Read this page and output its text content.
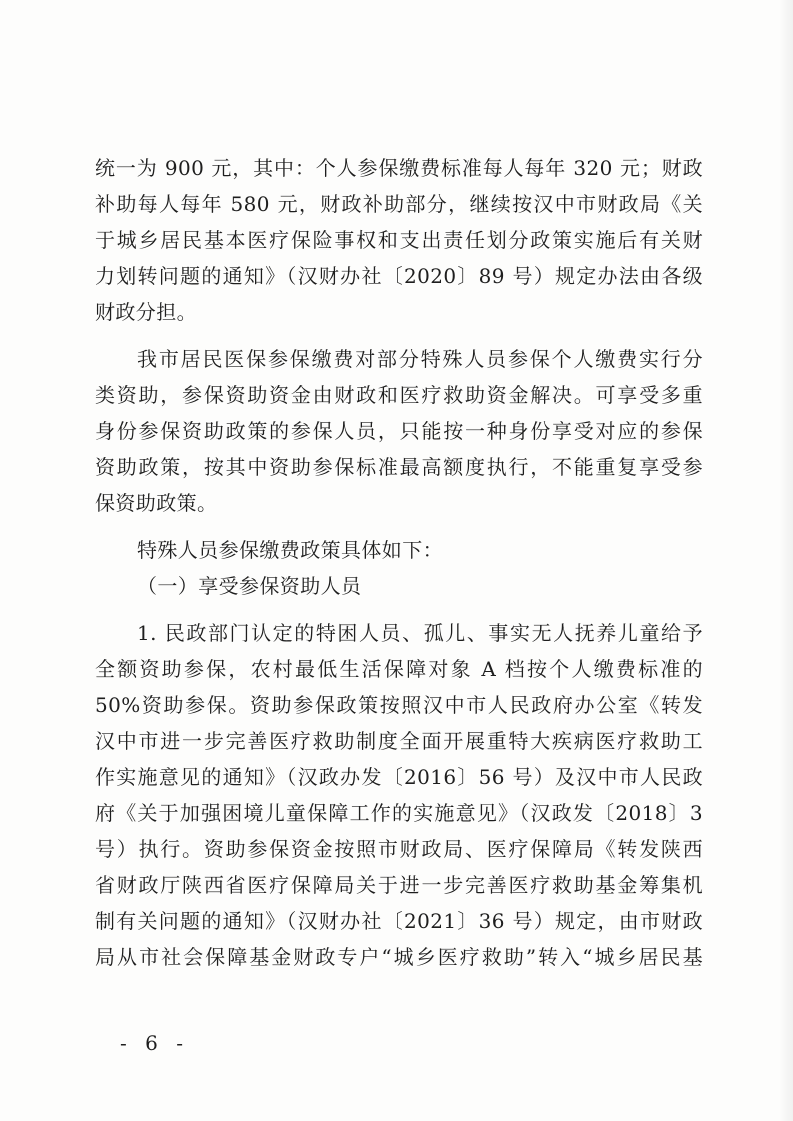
统一为 900 元，其中：个人参保缴费标准每人每年 320 元；财政
补助每人每年 580 元，财政补助部分，继续按汉中市财政局《关
于城乡居民基本医疗保险事权和支出责任划分政策实施后有关财
力划转问题的通知》（汉财办社〔2020〕89 号）规定办法由各级
财政分担。
我市居民医保参保缴费对部分特殊人员参保个人缴费实行分
类资助，参保资助资金由财政和医疗救助资金解决。可享受多重
身份参保资助政策的参保人员，只能按一种身份享受对应的参保
资助政策，按其中资助参保标准最高额度执行，不能重复享受参
保资助政策。
特殊人员参保缴费政策具体如下：
（一）享受参保资助人员
1. 民政部门认定的特困人员、孤儿、事实无人抚养儿童给予
全额资助参保，农村最低生活保障对象 A 档按个人缴费标准的
50%资助参保。资助参保政策按照汉中市人民政府办公室《转发
汉中市进一步完善医疗救助制度全面开展重特大疾病医疗救助工
作实施意见的通知》（汉政办发〔2016〕56 号）及汉中市人民政
府《关于加强困境儿童保障工作的实施意见》（汉政发〔2018〕3
号）执行。资助参保资金按照市财政局、医疗保障局《转发陕西
省财政厅陕西省医疗保障局关于进一步完善医疗救助基金筹集机
制有关问题的通知》（汉财办社〔2021〕36 号）规定，由市财政
局从市社会保障基金财政专户“城乡医疗救助”转入“城乡居民基
- 6 -
